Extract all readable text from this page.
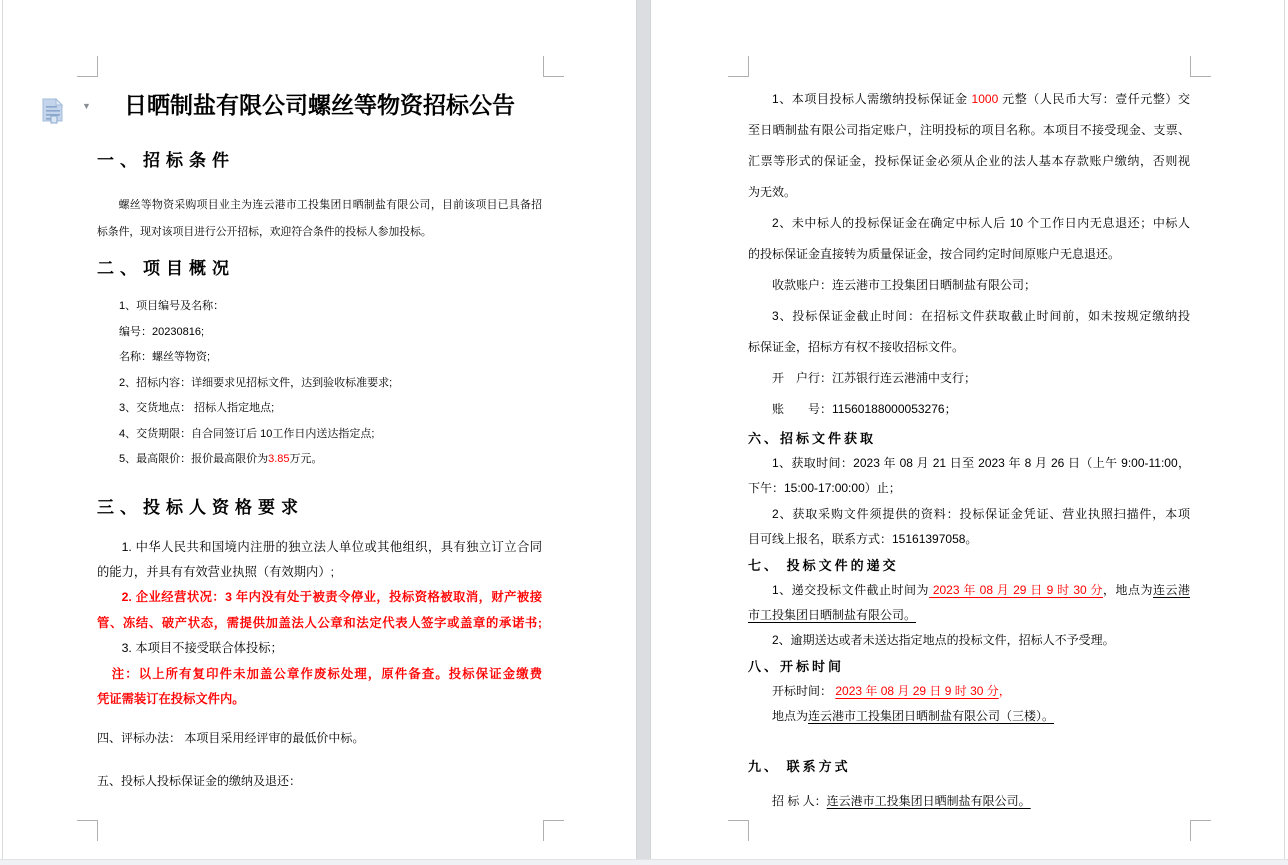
日晒制盐有限公司螺丝等物资招标公告
一、招标条件
螺丝等物资采购项目业主为连云港市工投集团日晒制盐有限公司，目前该项目已具备招
标条件，现对该项目进行公开招标，欢迎符合条件的投标人参加投标。
二、项目概况
1、项目编号及名称：
编号：20230816;
名称：螺丝等物资;
2、招标内容：详细要求见招标文件，达到验收标准要求;
3、交货地点： 招标人指定地点;
4、交货期限：自合同签订后 10工作日内送达指定点;
5、最高限价：报价最高限价为3.85万元。
三、投标人资格要求
1. 中华人民共和国境内注册的独立法人单位或其他组织，具有独立订立合同
的能力，并具有有效营业执照（有效期内）;
2. 企业经营状况：3 年内没有处于被责令停业，投标资格被取消，财产被接
管、冻结、破产状态，需提供加盖法人公章和法定代表人签字或盖章的承诺书;
3. 本项目不接受联合体投标；
注：以上所有复印件未加盖公章作废标处理，原件备查。投标保证金缴费
凭证需装订在投标文件内。
四、评标办法： 本项目采用经评审的最低价中标。
五、投标人投标保证金的缴纳及退还：
1、本项目投标人需缴纳投标保证金 1000 元整（人民币大写：壹仟元整）交
至日晒制盐有限公司指定账户，注明投标的项目名称。本项目不接受现金、支票、
汇票等形式的保证金，投标保证金必须从企业的法人基本存款账户缴纳，否则视
为无效。
2、未中标人的投标保证金在确定中标人后 10 个工作日内无息退还；中标人
的投标保证金直接转为质量保证金，按合同约定时间原账户无息退还。
收款账户：连云港市工投集团日晒制盐有限公司；
3、投标保证金截止时间：在招标文件获取截止时间前，如未按规定缴纳投
标保证金，招标方有权不接收招标文件。
开　户行：江苏银行连云港浦中支行；
账　　号：11560188000053276；
六、招标文件获取
1、获取时间：2023 年 08 月 21 日至 2023 年 8 月 26 日（上午 9:00-11:00，
下午：15:00-17:00:00）止；
2、获取采购文件须提供的资料：投标保证金凭证、营业执照扫描件，本项
目可线上报名，联系方式：15161397058。
七、 投标文件的递交
1、递交投标文件截止时间为 2023 年 08 月 29 日 9 时 30 分，地点为连云港
市工投集团日晒制盐有限公司。
2、逾期送达或者未送达指定地点的投标文件，招标人不予受理。
八、开标时间
开标时间： 2023 年 08 月 29 日 9 时 30 分，
地点为连云港市工投集团日晒制盐有限公司（三楼）。
九、 联系方式
招 标 人：连云港市工投集团日晒制盐有限公司。
▼
